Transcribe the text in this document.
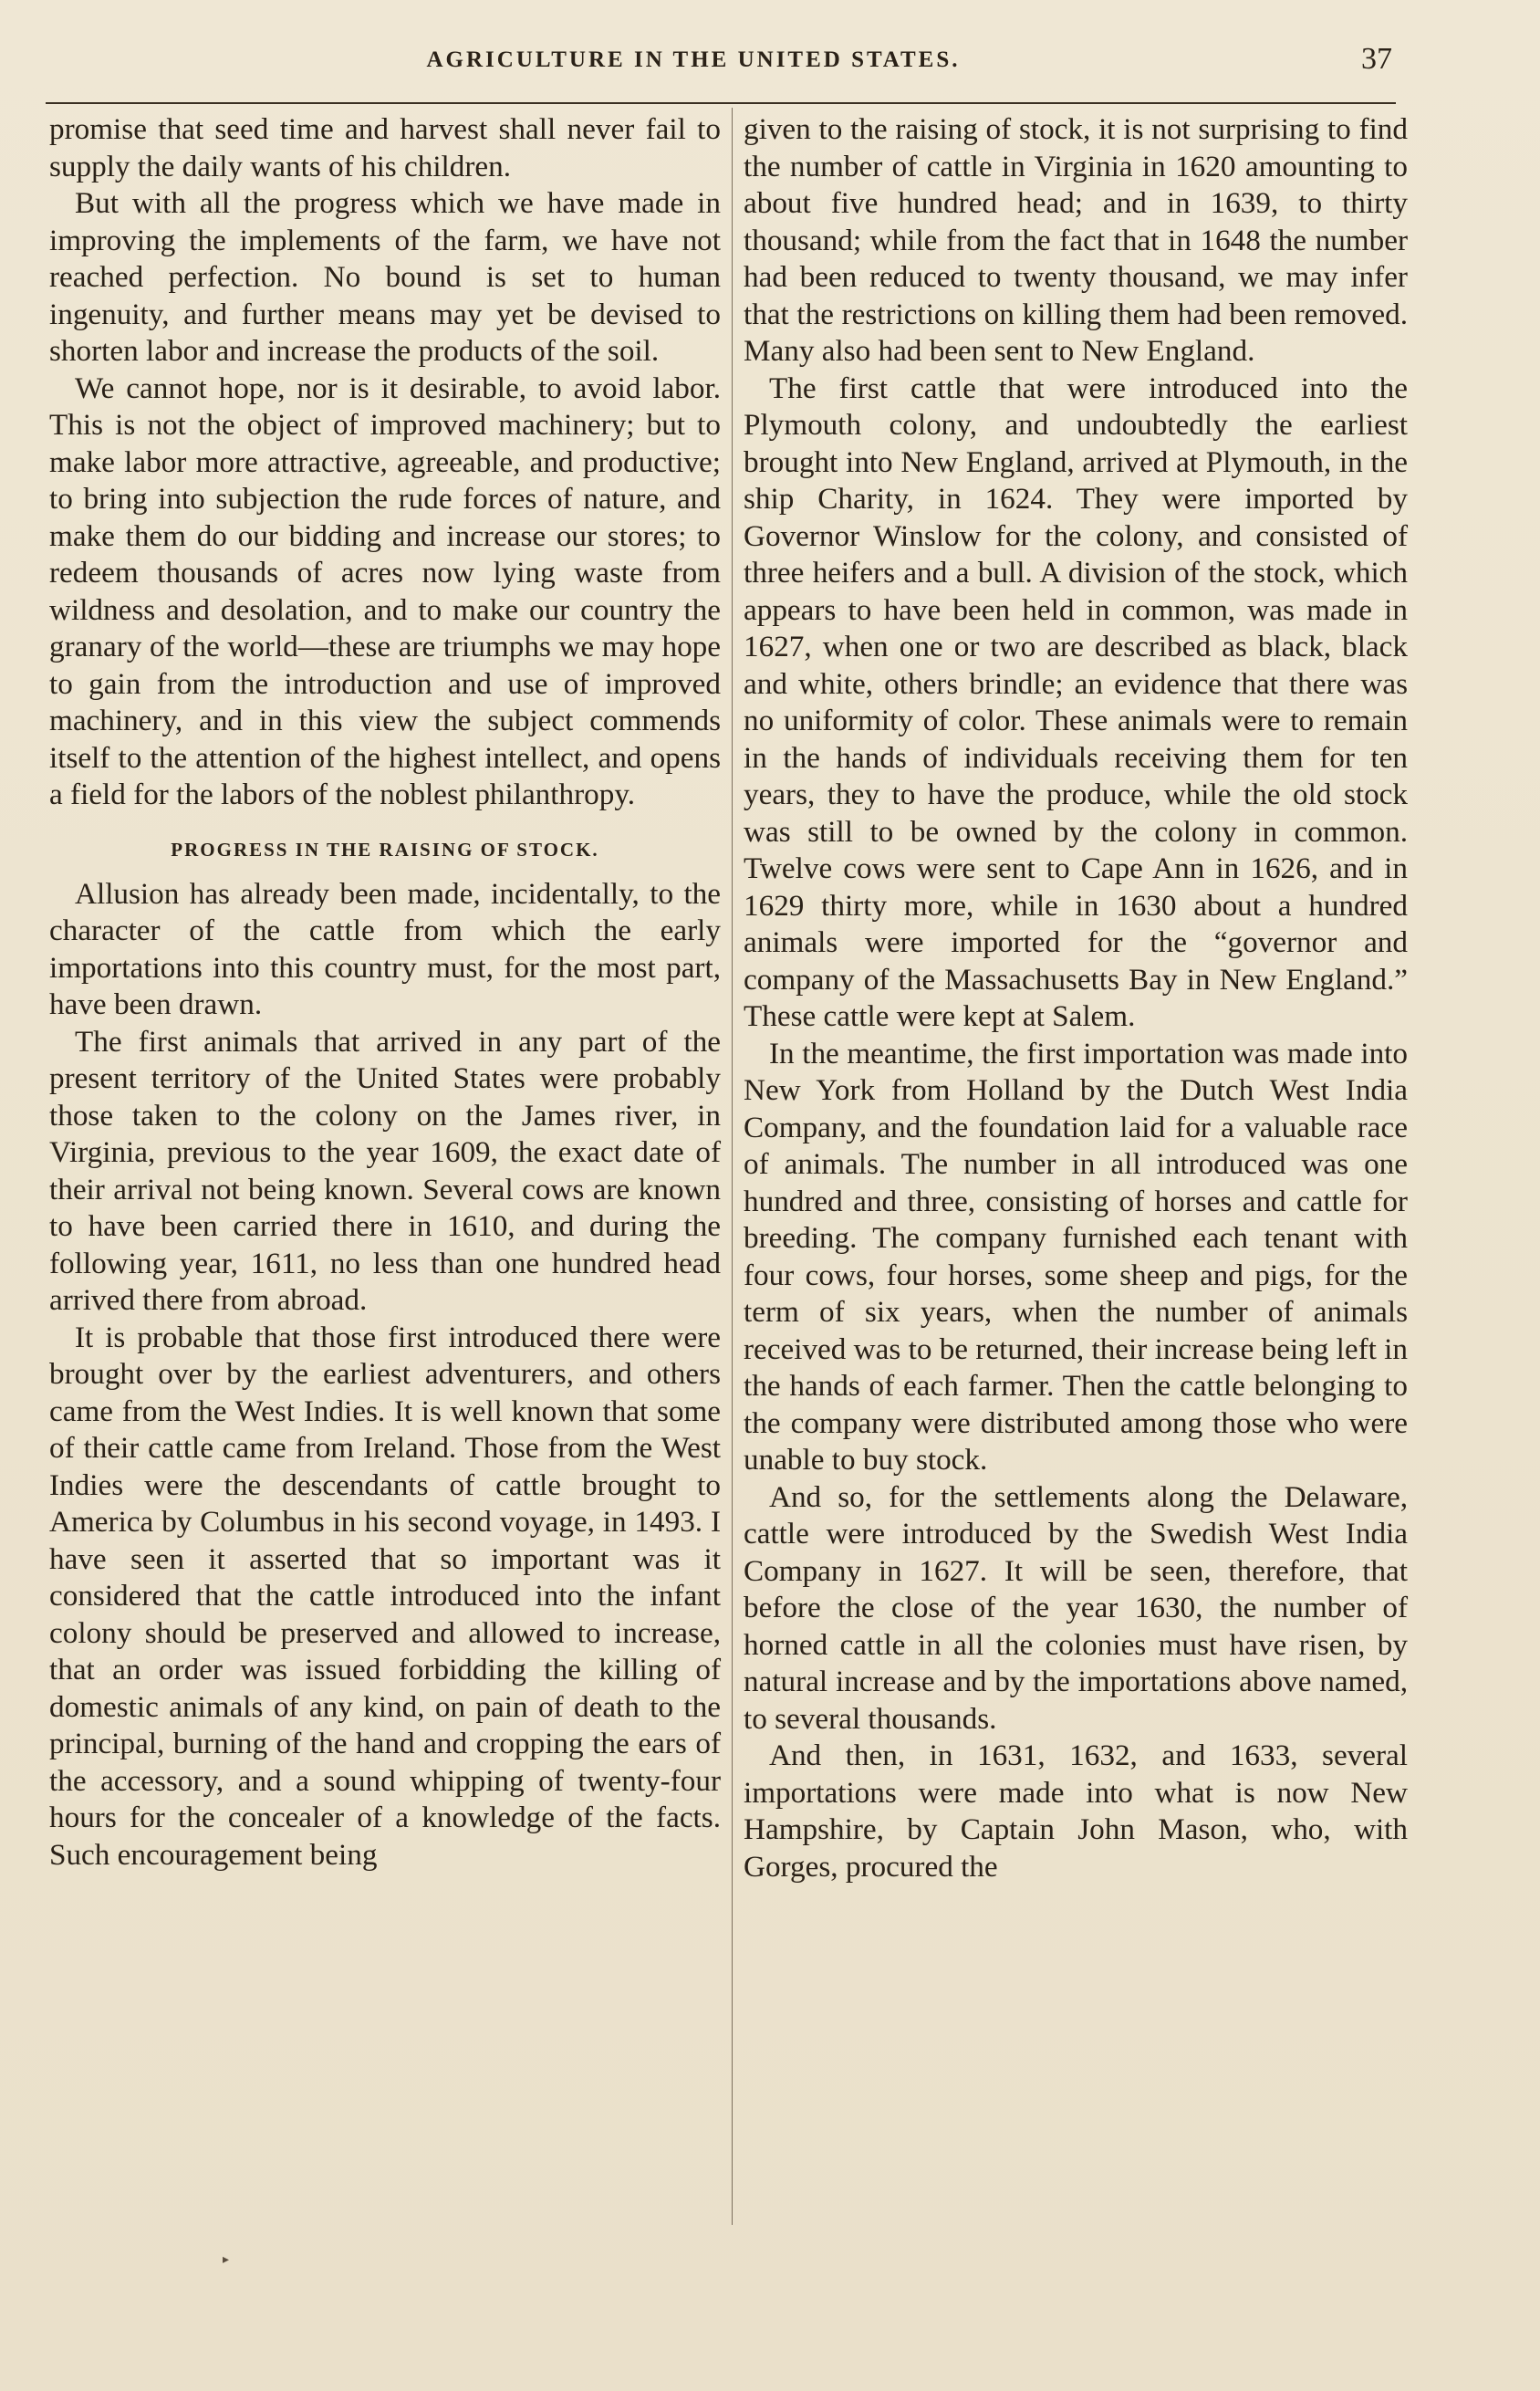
AGRICULTURE IN THE UNITED STATES.	37

promise that seed time and harvest shall never fail to supply the daily wants of his children.

But with all the progress which we have made in improving the implements of the farm, we have not reached perfection. No bound is set to human ingenuity, and further means may yet be devised to shorten labor and increase the products of the soil.

We cannot hope, nor is it desirable, to avoid labor. This is not the object of improved machinery; but to make labor more attractive, agreeable, and productive; to bring into subjection the rude forces of nature, and make them do our bidding and increase our stores; to redeem thousands of acres now lying waste from wildness and desolation, and to make our country the granary of the world—these are triumphs we may hope to gain from the introduction and use of improved machinery, and in this view the subject commends itself to the attention of the highest intellect, and opens a field for the labors of the noblest philanthropy.

PROGRESS IN THE RAISING OF STOCK.

Allusion has already been made, incidentally, to the character of the cattle from which the early importations into this country must, for the most part, have been drawn.

The first animals that arrived in any part of the present territory of the United States were probably those taken to the colony on the James river, in Virginia, previous to the year 1609, the exact date of their arrival not being known. Several cows are known to have been carried there in 1610, and during the following year, 1611, no less than one hundred head arrived there from abroad.

It is probable that those first introduced there were brought over by the earliest adventurers, and others came from the West Indies. It is well known that some of their cattle came from Ireland. Those from the West Indies were the descendants of cattle brought to America by Columbus in his second voyage, in 1493. I have seen it asserted that so important was it considered that the cattle introduced into the infant colony should be preserved and allowed to increase, that an order was issued forbidding the killing of domestic animals of any kind, on pain of death to the principal, burning of the hand and cropping the ears of the accessory, and a sound whipping of twenty-four hours for the concealer of a knowledge of the facts. Such encouragement being

given to the raising of stock, it is not surprising to find the number of cattle in Virginia in 1620 amounting to about five hundred head; and in 1639, to thirty thousand; while from the fact that in 1648 the number had been reduced to twenty thousand, we may infer that the restrictions on killing them had been removed. Many also had been sent to New England.

The first cattle that were introduced into the Plymouth colony, and undoubtedly the earliest brought into New England, arrived at Plymouth, in the ship Charity, in 1624. They were imported by Governor Winslow for the colony, and consisted of three heifers and a bull. A division of the stock, which appears to have been held in common, was made in 1627, when one or two are described as black, black and white, others brindle; an evidence that there was no uniformity of color. These animals were to remain in the hands of individuals receiving them for ten years, they to have the produce, while the old stock was still to be owned by the colony in common. Twelve cows were sent to Cape Ann in 1626, and in 1629 thirty more, while in 1630 about a hundred animals were imported for the “governor and company of the Massachusetts Bay in New England.” These cattle were kept at Salem.

In the meantime, the first importation was made into New York from Holland by the Dutch West India Company, and the foundation laid for a valuable race of animals. The number in all introduced was one hundred and three, consisting of horses and cattle for breeding. The company furnished each tenant with four cows, four horses, some sheep and pigs, for the term of six years, when the number of animals received was to be returned, their increase being left in the hands of each farmer. Then the cattle belonging to the company were distributed among those who were unable to buy stock.

And so, for the settlements along the Delaware, cattle were introduced by the Swedish West India Company in 1627. It will be seen, therefore, that before the close of the year 1630, the number of horned cattle in all the colonies must have risen, by natural increase and by the importations above named, to several thousands.

And then, in 1631, 1632, and 1633, several importations were made into what is now New Hampshire, by Captain John Mason, who, with Gorges, procured the

▸
